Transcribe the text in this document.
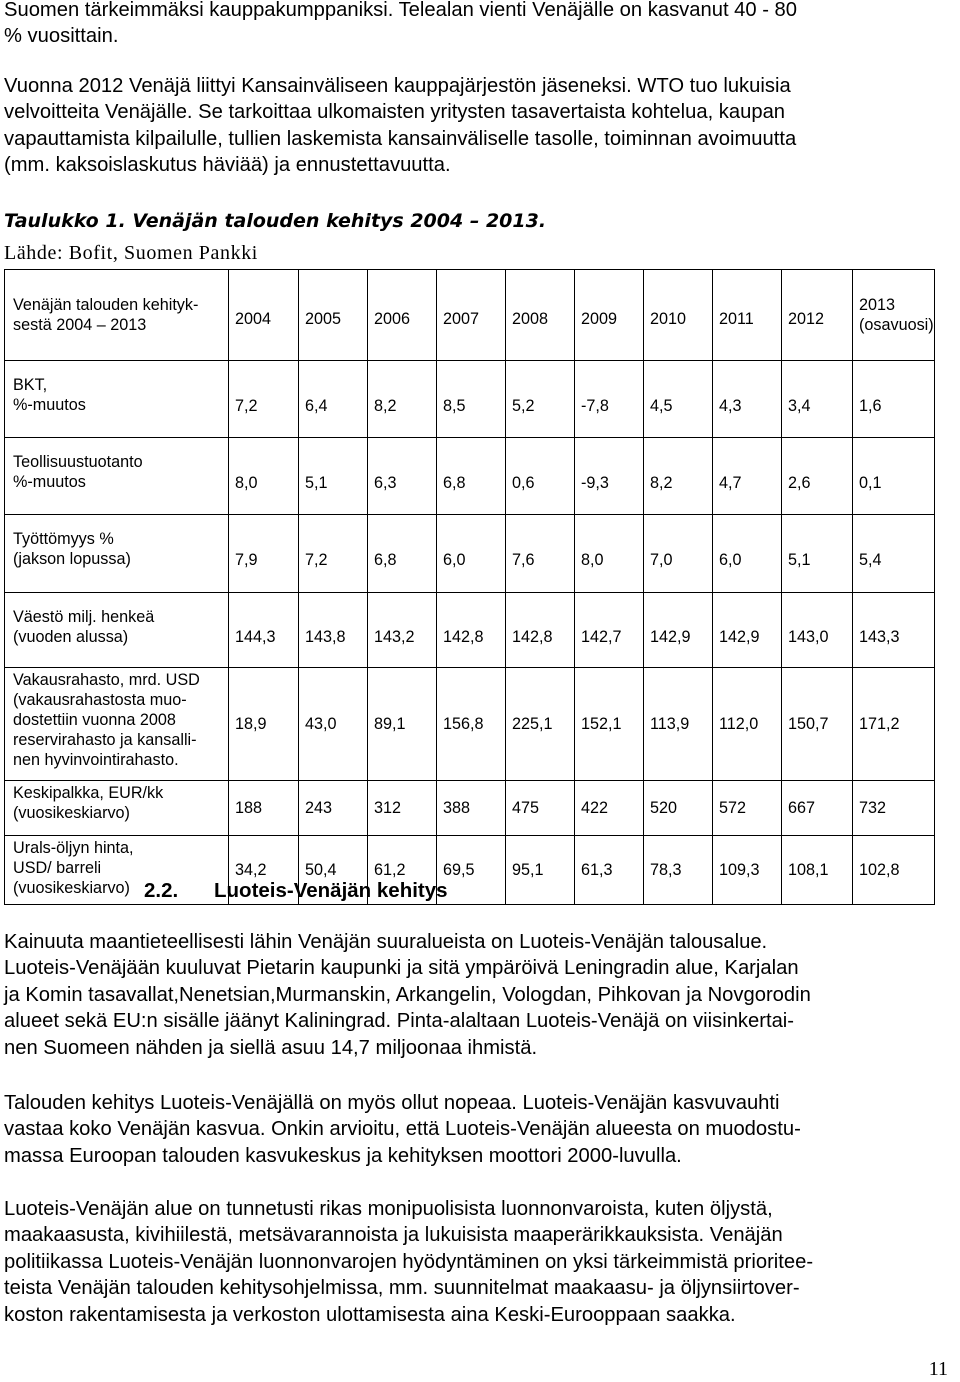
Suomen tärkeimmäksi kauppakumppaniksi. Telealan vienti Venäjälle on kasvanut 40 - 80
% vuosittain.
Vuonna 2012 Venäjä liittyi Kansainväliseen kauppajärjestön jäseneksi. WTO tuo lukuisia
velvoitteita Venäjälle. Se tarkoittaa ulkomaisten yritysten tasavertaista kohtelua, kaupan
vapauttamista kilpailulle, tullien laskemista kansainväliselle tasolle, toiminnan avoimuutta
(mm. kaksoislaskutus häviää) ja ennustettavuutta.

Taulukko 1. Venäjän talouden kehitys 2004 – 2013.

Lähde: Bofit, Suomen Pankki

Venäjän talouden kehityk-
sestä 2004 – 2013	2004	2005	2006	2007	2008	2009	2010	2011	2012	2013
(osavuosi)

BKT,
%-muutos	7,2	6,4	8,2	8,5	5,2	-7,8	4,5	4,3	3,4	1,6

Teollisuustuotanto
%-muutos	8,0	5,1	6,3	6,8	0,6	-9,3	8,2	4,7	2,6	0,1

Työttömyys %
(jakson lopussa)	7,9	7,2	6,8	6,0	7,6	8,0	7,0	6,0	5,1	5,4

Väestö milj. henkeä
(vuoden alussa)	144,3	143,8	143,2	142,8	142,8	142,7	142,9	142,9	143,0	143,3

Vakausrahasto, mrd. USD
(vakausrahastosta muo-
dostettiin vuonna 2008
reservirahasto ja kansalli-
nen hyvinvointirahasto.	18,9	43,0	89,1	156,8	225,1	152,1	113,9	112,0	150,7	171,2

Keskipalkka, EUR/kk
(vuosikeskiarvo)	188	243	312	388	475	422	520	572	667	732

Urals-öljyn hinta,
USD/ barreli
(vuosikeskiarvo)	34,2	50,4	61,2	69,5	95,1	61,3	78,3	109,3	108,1	102,8
2.2. Luoteis-Venäjän kehitys
Kainuuta maantieteellisesti lähin Venäjän suuralueista on Luoteis-Venäjän talousalue.
Luoteis-Venäjään kuuluvat Pietarin kaupunki ja sitä ympäröivä Leningradin alue, Karjalan
ja Komin tasavallat,Nenetsian,Murmanskin, Arkangelin, Vologdan, Pihkovan ja Novgorodin
alueet sekä EU:n sisälle jäänyt Kaliningrad. Pinta-alaltaan Luoteis-Venäjä on viisinkertai-
nen Suomeen nähden ja siellä asuu 14,7 miljoonaa ihmistä.
Talouden kehitys Luoteis-Venäjällä on myös ollut nopeaa. Luoteis-Venäjän kasvuvauhti
vastaa koko Venäjän kasvua. Onkin arvioitu, että Luoteis-Venäjän alueesta on muodostu-
massa Euroopan talouden kasvukeskus ja kehityksen moottori 2000-luvulla.
Luoteis-Venäjän alue on tunnetusti rikas monipuolisista luonnonvaroista, kuten öljystä,
maakaasusta, kivihiilestä, metsävarannoista ja lukuisista maaperärikkauksista. Venäjän
politiikassa Luoteis-Venäjän luonnonvarojen hyödyntäminen on yksi tärkeimmistä prioritee-
teista Venäjän talouden kehitysohjelmissa, mm. suunnitelmat maakaasu- ja öljynsiirtover-
koston rakentamisesta ja verkoston ulottamisesta aina Keski-Eurooppaan saakka.

11
